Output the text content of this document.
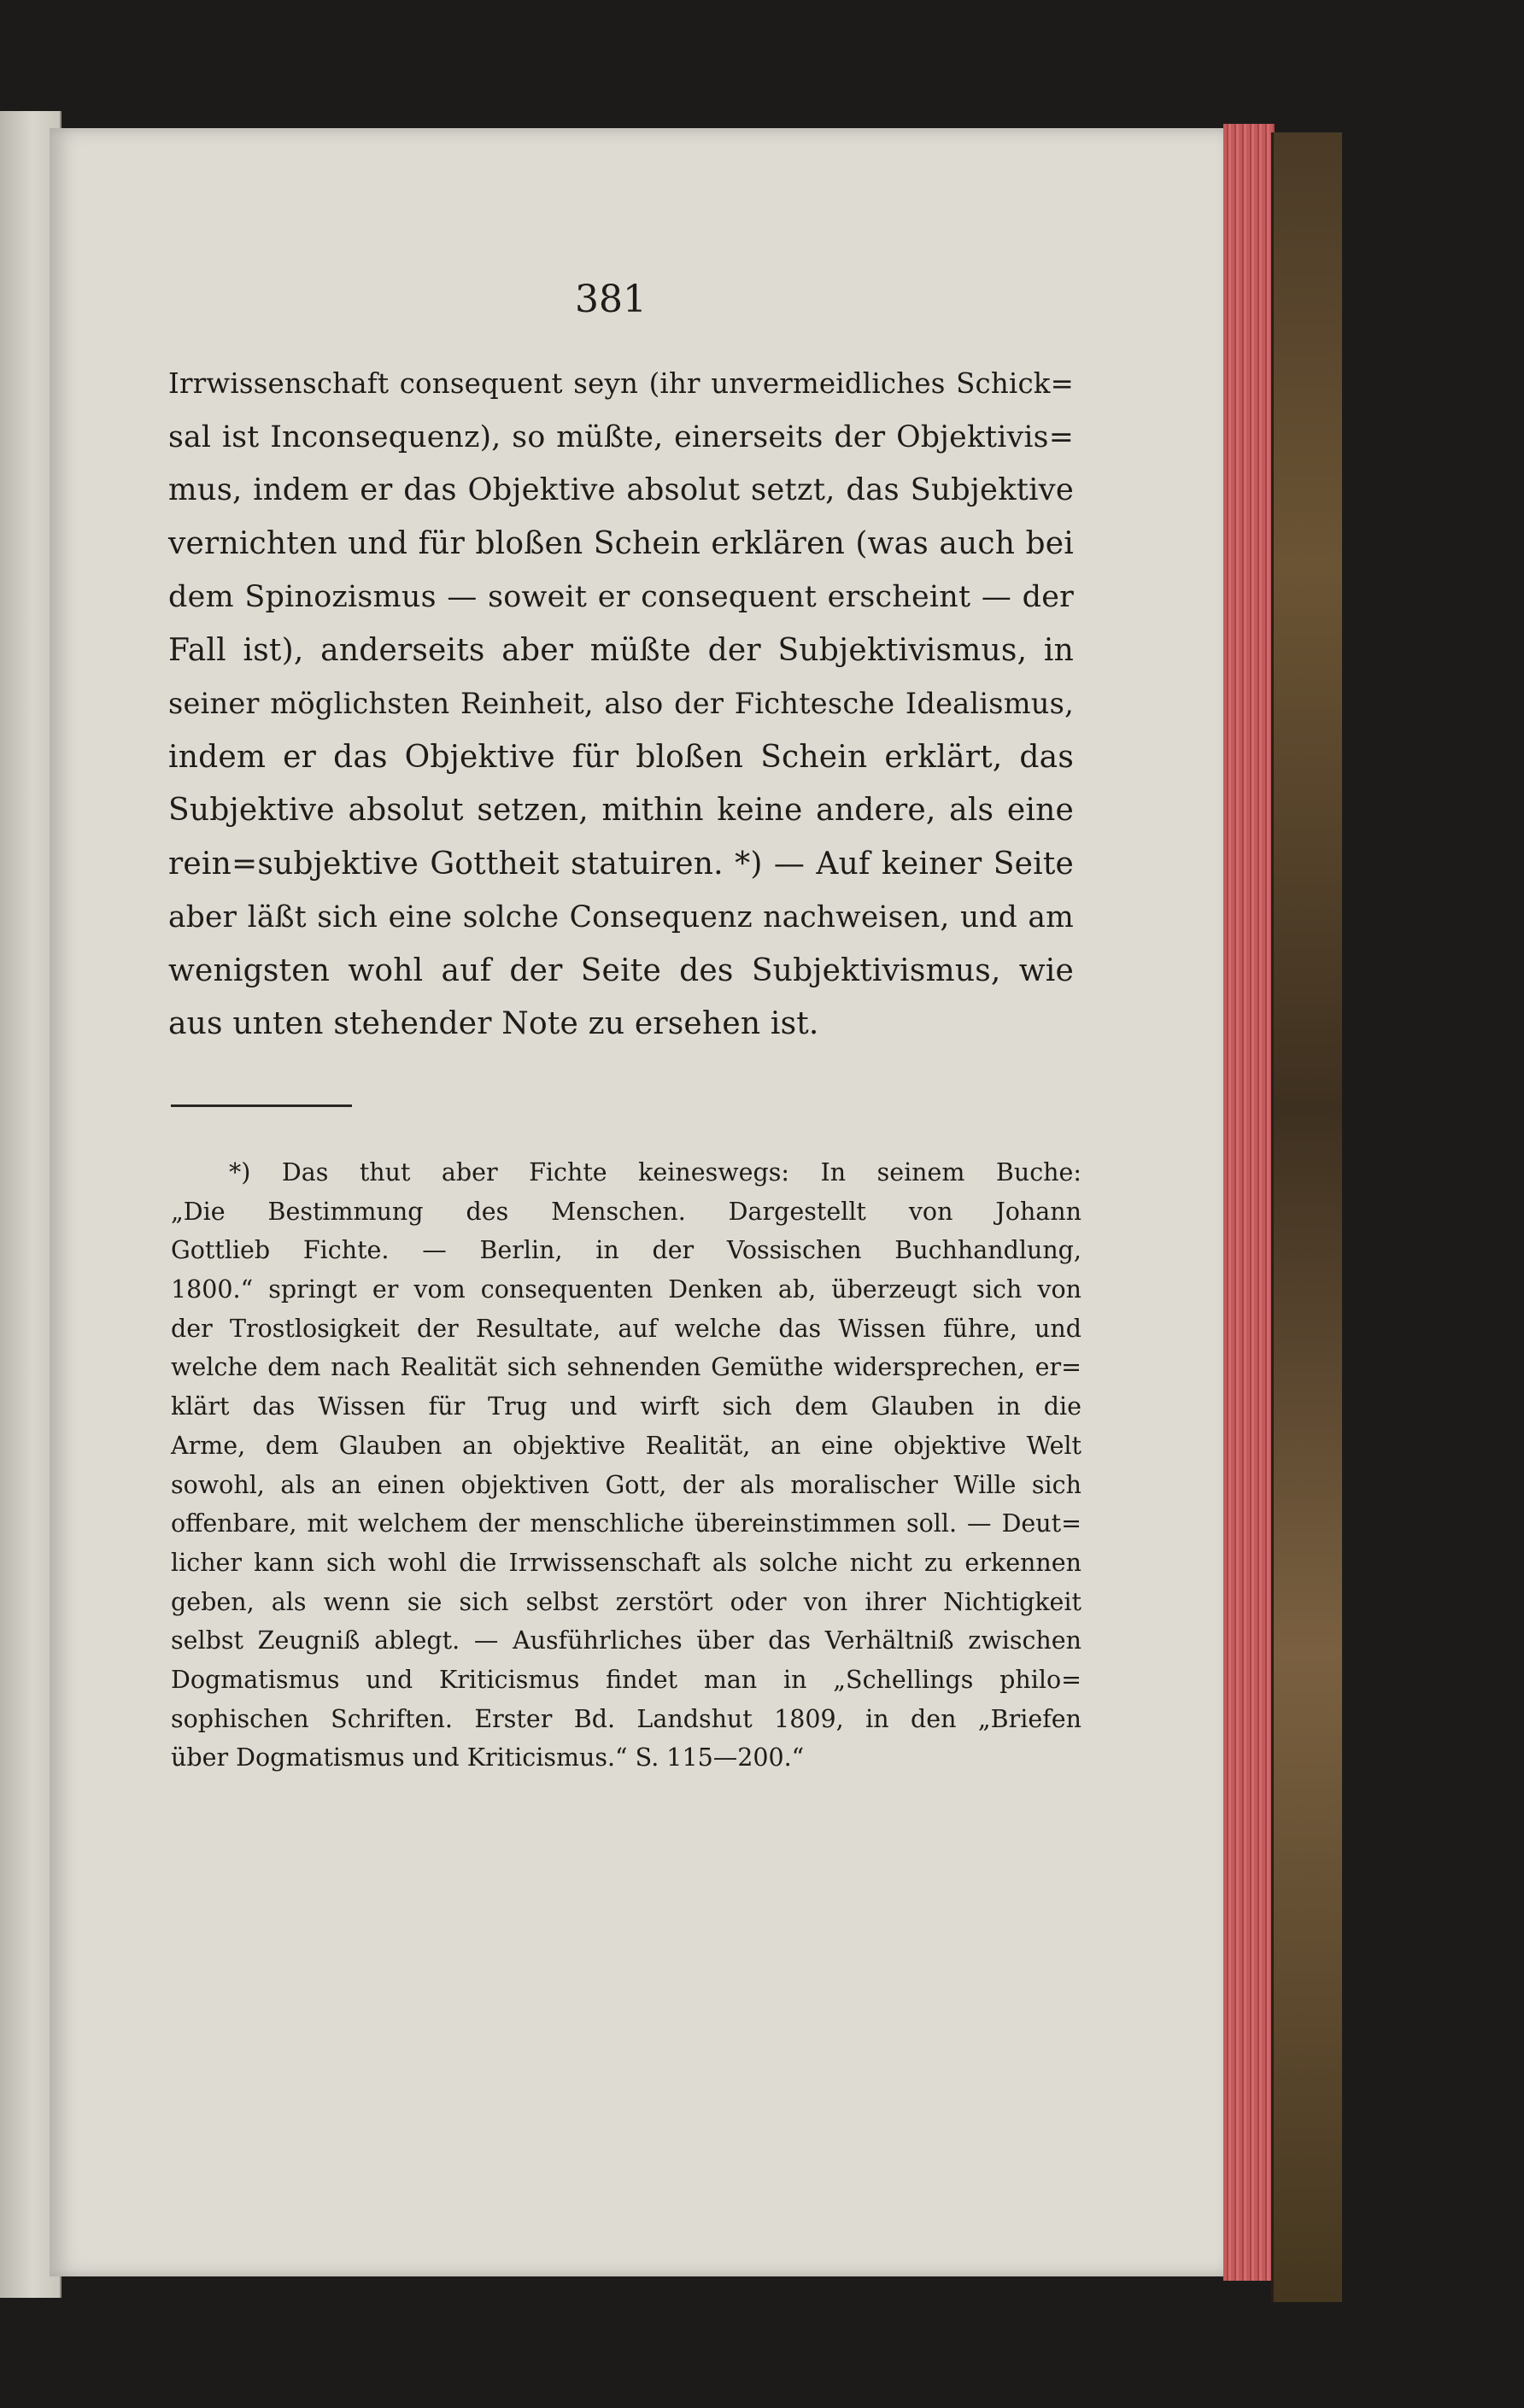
381
Irrwissenschaft consequent seyn (ihr unvermeidliches Schick=
sal ist Inconsequenz), so müßte, einerseits der Objektivis=
mus, indem er das Objektive absolut setzt, das Subjektive
vernichten und für bloßen Schein erklären (was auch bei
dem Spinozismus — soweit er consequent erscheint — der
Fall ist), anderseits aber müßte der Subjektivismus, in
seiner möglichsten Reinheit, also der Fichtesche Idealismus,
indem er das Objektive für bloßen Schein erklärt, das
Subjektive absolut setzen, mithin keine andere, als eine
rein=subjektive Gottheit statuiren. *) — Auf keiner Seite
aber läßt sich eine solche Consequenz nachweisen, und am
wenigsten wohl auf der Seite des Subjektivismus, wie
aus unten stehender Note zu ersehen ist.
*) Das thut aber Fichte keineswegs: In seinem Buche:
„Die Bestimmung des Menschen. Dargestellt von Johann
Gottlieb Fichte. — Berlin, in der Vossischen Buchhandlung,
1800.“ springt er vom consequenten Denken ab, überzeugt sich von
der Trostlosigkeit der Resultate, auf welche das Wissen führe, und
welche dem nach Realität sich sehnenden Gemüthe widersprechen, er=
klärt das Wissen für Trug und wirft sich dem Glauben in die
Arme, dem Glauben an objektive Realität, an eine objektive Welt
sowohl, als an einen objektiven Gott, der als moralischer Wille sich
offenbare, mit welchem der menschliche übereinstimmen soll. — Deut=
licher kann sich wohl die Irrwissenschaft als solche nicht zu erkennen
geben, als wenn sie sich selbst zerstört oder von ihrer Nichtigkeit
selbst Zeugniß ablegt. — Ausführliches über das Verhältniß zwischen
Dogmatismus und Kriticismus findet man in „Schellings philo=
sophischen Schriften. Erster Bd. Landshut 1809, in den „Briefen
über Dogmatismus und Kriticismus.“ S. 115—200.“
